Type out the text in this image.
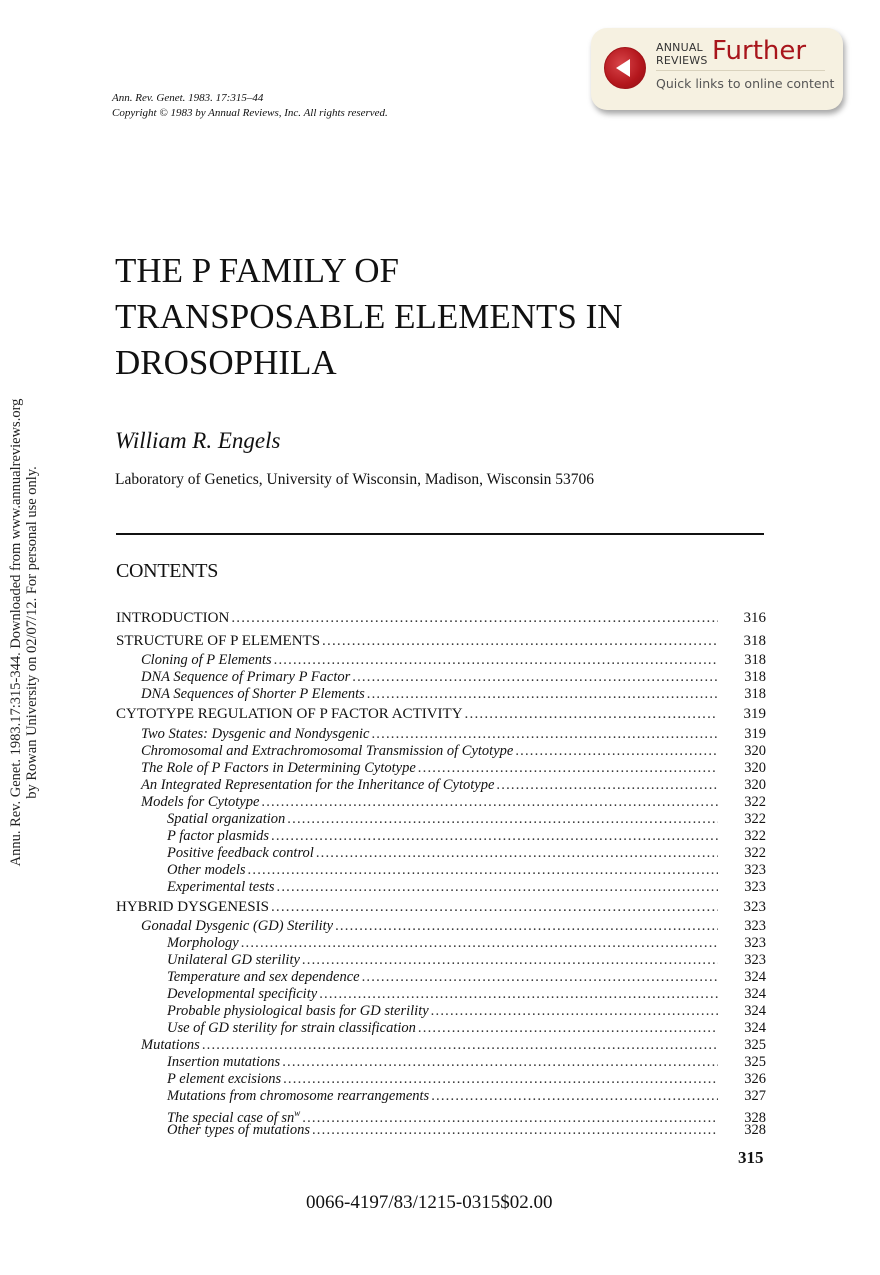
Annu. Rev. Genet. 1983.17:315-344. Downloaded from www.annualreviews.org by Rowan University on 02/07/12. For personal use only.
Ann. Rev. Genet. 1983. 17:315–44
Copyright © 1983 by Annual Reviews, Inc. All rights reserved.
ANNUAL
REVIEWS Further
Quick links to online content
THE P FAMILY OF
TRANSPOSABLE ELEMENTS IN
DROSOPHILA
William R. Engels
Laboratory of Genetics, University of Wisconsin, Madison, Wisconsin 53706
CONTENTS
INTRODUCTION .....	316
STRUCTURE OF P ELEMENTS .....	318
Cloning of P Elements .....	318
DNA Sequence of Primary P Factor .....	318
DNA Sequences of Shorter P Elements .....	318
CYTOTYPE REGULATION OF P FACTOR ACTIVITY .....	319
Two States: Dysgenic and Nondysgenic .....	319
Chromosomal and Extrachromosomal Transmission of Cytotype .....	320
The Role of P Factors in Determining Cytotype .....	320
An Integrated Representation for the Inheritance of Cytotype .....	320
Models for Cytotype .....	322
Spatial organization .....	322
P factor plasmids .....	322
Positive feedback control .....	322
Other models .....	323
Experimental tests .....	323
HYBRID DYSGENESIS .....	323
Gonadal Dysgenic (GD) Sterility .....	323
Morphology .....	323
Unilateral GD sterility .....	323
Temperature and sex dependence .....	324
Developmental specificity .....	324
Probable physiological basis for GD sterility .....	324
Use of GD sterility for strain classification .....	324
Mutations .....	325
Insertion mutations .....	325
P element excisions .....	326
Mutations from chromosome rearrangements .....	327
The special case of $sn^w$ .....	328
Other types of mutations .....	328
315
0066-4197/83/1215-0315$02.00
